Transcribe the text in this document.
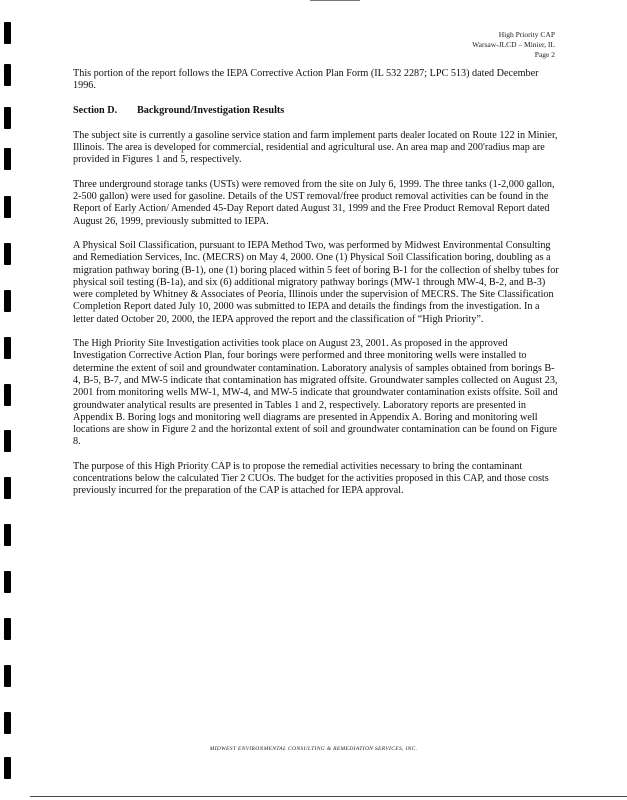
High Priority CAP
Warsaw-JLCD – Minier, IL
Page 2

This portion of the report follows the IEPA Corrective Action Plan Form (IL 532 2287; LPC 513) dated December 1996.

Section D. Background/Investigation Results

The subject site is currently a gasoline service station and farm implement parts dealer located on Route 122 in Minier, Illinois. The area is developed for commercial, residential and agricultural use. An area map and 200'radius map are provided in Figures 1 and 5, respectively.

Three underground storage tanks (USTs) were removed from the site on July 6, 1999. The three tanks (1-2,000 gallon, 2-500 gallon) were used for gasoline. Details of the UST removal/free product removal activities can be found in the Report of Early Action/ Amended 45-Day Report dated August 31, 1999 and the Free Product Removal Report dated August 26, 1999, previously submitted to IEPA.

A Physical Soil Classification, pursuant to IEPA Method Two, was performed by Midwest Environmental Consulting and Remediation Services, Inc. (MECRS) on May 4, 2000. One (1) Physical Soil Classification boring, doubling as a migration pathway boring (B-1), one (1) boring placed within 5 feet of boring B-1 for the collection of shelby tubes for physical soil testing (B-1a), and six (6) additional migratory pathway borings (MW-1 through MW-4, B-2, and B-3) were completed by Whitney & Associates of Peoria, Illinois under the supervision of MECRS. The Site Classification Completion Report dated July 10, 2000 was submitted to IEPA and details the findings from the investigation. In a letter dated October 20, 2000, the IEPA approved the report and the classification of “High Priority”.

The High Priority Site Investigation activities took place on August 23, 2001. As proposed in the approved Investigation Corrective Action Plan, four borings were performed and three monitoring wells were installed to determine the extent of soil and groundwater contamination. Laboratory analysis of samples obtained from borings B-4, B-5, B-7, and MW-5 indicate that contamination has migrated offsite. Groundwater samples collected on August 23, 2001 from monitoring wells MW-1, MW-4, and MW-5 indicate that groundwater contamination exists offsite. Soil and groundwater analytical results are presented in Tables 1 and 2, respectively. Laboratory reports are presented in Appendix B. Boring logs and monitoring well diagrams are presented in Appendix A. Boring and monitoring well locations are show in Figure 2 and the horizontal extent of soil and groundwater contamination can be found on Figure 8.

The purpose of this High Priority CAP is to propose the remedial activities necessary to bring the contaminant concentrations below the calculated Tier 2 CUOs. The budget for the activities proposed in this CAP, and those costs previously incurred for the preparation of the CAP is attached for IEPA approval.

MIDWEST ENVIRONMENTAL CONSULTING & REMEDIATION SERVICES, INC.
